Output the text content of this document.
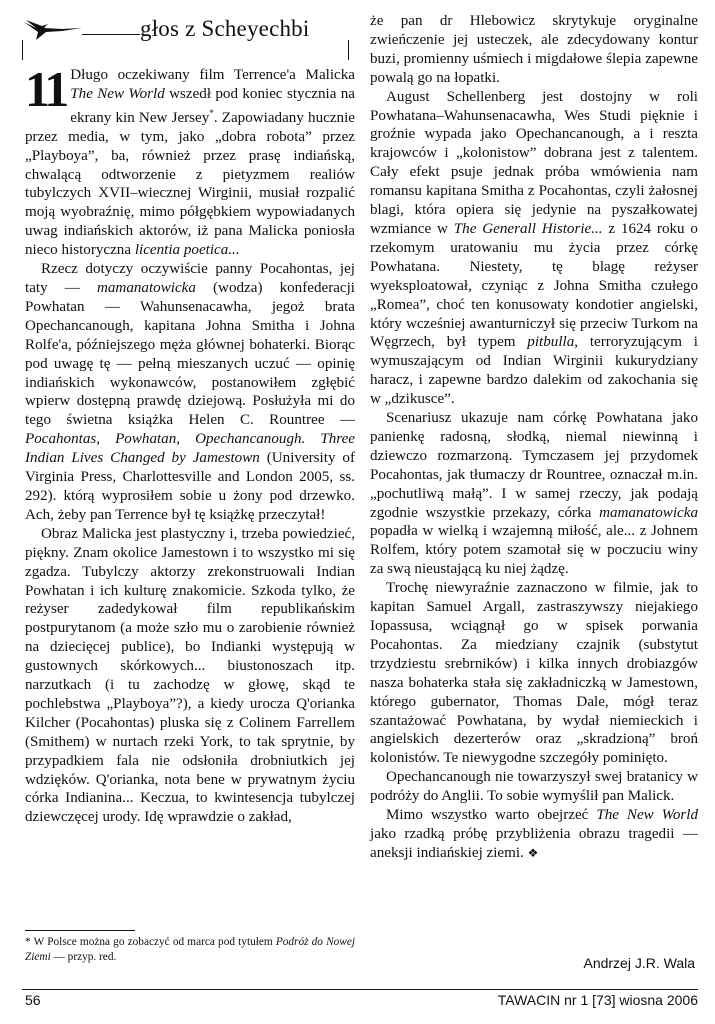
głos z Scheyechbi

11 Długo oczekiwany film Terrence'a Malicka The New World wszedł pod koniec stycznia na ekrany kin New Jersey*. Zapowiadany hucznie przez media, w tym, jako „dobra robota” przez „Playboya”, ba, również przez prasę indiańską, chwalącą odtworzenie z pietyzmem realiów tubylczych XVII–wiecznej Wirginii, musiał rozpalić moją wyobraźnię, mimo półgębkiem wypowiadanych uwag indiańskich aktorów, iż pana Malicka poniosła nieco historyczna licentia poetica...

Rzecz dotyczy oczywiście panny Pocahontas, jej taty — mamanatowicka (wodza) konfederacji Powhatan — Wahunsenacawha, jegoż brata Opechancanough, kapitana Johna Smitha i Johna Rolfe'a, późniejszego męża głównej bohaterki. Biorąc pod uwagę tę — pełną mieszanych uczuć — opinię indiańskich wykonawców, postanowiłem zgłębić wpierw dostępną prawdę dziejową. Posłużyła mi do tego świetna książka Helen C. Rountree — Pocahontas, Powhatan, Opechancanough. Three Indian Lives Changed by Jamestown (University of Virginia Press, Charlottesville and London 2005, ss. 292). którą wyprosiłem sobie u żony pod drzewko. Ach, żeby pan Terrence był tę książkę przeczytał!

Obraz Malicka jest plastyczny i, trzeba powiedzieć, piękny. Znam okolice Jamestown i to wszystko mi się zgadza. Tubylczy aktorzy zrekonstruowali Indian Powhatan i ich kulturę znakomicie. Szkoda tylko, że reżyser zadedykował film republikańskim postpurytanom (a może szło mu o zarobienie również na dziecięcej publice), bo Indianki występują w gustownych skórkowych... biustonoszach itp. narzutkach (i tu zachodzę w głowę, skąd te pochlebstwa „Playboya”?), a kiedy urocza Q'orianka Kilcher (Pocahontas) pluska się z Colinem Farrellem (Smithem) w nurtach rzeki York, to tak sprytnie, by przypadkiem fala nie odsłoniła drobniutkich jej wdzięków. Q'orianka, nota bene w prywatnym życiu córka Indianina... Keczua, to kwintesencja tubylczej dziewczęcej urody. Idę wprawdzie o zakład,

* W Polsce można go zobaczyć od marca pod tytułem Podróż do Nowej Ziemi — przyp. red.

że pan dr Hlebowicz skrytykuje oryginalne zwieńczenie jej usteczek, ale zdecydowany kontur buzi, promienny uśmiech i migdałowe ślepia zapewne powalą go na łopatki.

August Schellenberg jest dostojny w roli Powhatana–Wahunsenacawha, Wes Studi pięknie i groźnie wypada jako Opechancanough, a i reszta krajowców i „kolonistow” dobrana jest z talentem. Cały efekt psuje jednak próba wmówienia nam romansu kapitana Smitha z Pocahontas, czyli żałosnej blagi, która opiera się jedynie na pyszałkowatej wzmiance w The Generall Historie... z 1624 roku o rzekomym uratowaniu mu życia przez córkę Powhatana. Niestety, tę blagę reżyser wyeksploatował, czyniąc z Johna Smitha czułego „Romea”, choć ten konusowaty kondotier angielski, który wcześniej awanturniczył się przeciw Turkom na Węgrzech, był typem pitbulla, terroryzującym i wymuszającym od Indian Wirginii kukurydziany haracz, i zapewne bardzo dalekim od zakochania się w „dzikusce”.

Scenariusz ukazuje nam córkę Powhatana jako panienkę radosną, słodką, niemal niewinną i dziewczo rozmarzoną. Tymczasem jej przydomek Pocahontas, jak tłumaczy dr Rountree, oznaczał m.in. „pochutliwą małą”. I w samej rzeczy, jak podają zgodnie wszystkie przekazy, córka mamanatowicka popadła w wielką i wzajemną miłość, ale... z Johnem Rolfem, który potem szamotał się w poczuciu winy za swą nieustającą ku niej żądzę.

Trochę niewyraźnie zaznaczono w filmie, jak to kapitan Samuel Argall, zastraszywszy niejakiego Iopassusa, wciągnął go w spisek porwania Pocahontas. Za miedziany czajnik (substytut trzydziestu srebrników) i kilka innych drobiazgów nasza bohaterka stała się zakładniczką w Jamestown, którego gubernator, Thomas Dale, mógł teraz szantażować Powhatana, by wydał niemieckich i angielskich dezerterów oraz „skradzioną” broń kolonistów. Te niewygodne szczegóły pominięto.

Opechancanough nie towarzyszył swej bratanicy w podróży do Anglii. To sobie wymyślił pan Malick.

Mimo wszystko warto obejrzeć The New World jako rzadką próbę przybliżenia obrazu tragedii — aneksji indiańskiej ziemi. ❖

Andrzej J.R. Wala
56	TAWACIN nr 1 [73] wiosna 2006
